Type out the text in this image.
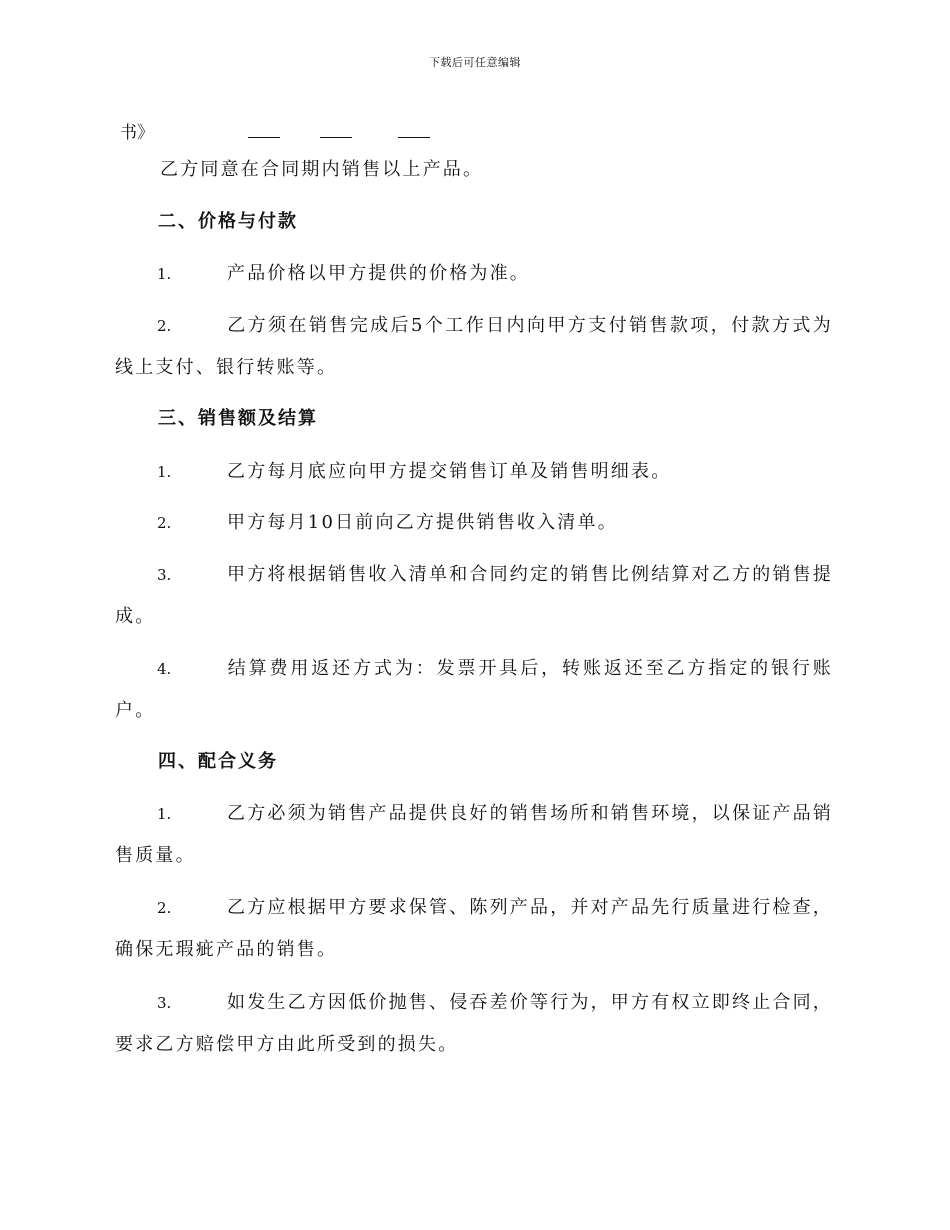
下载后可任意编辑
书》

乙方同意在合同期内销售以上产品。

二、价格与付款
1.	产品价格以甲方提供的价格为准。
2.	乙方须在销售完成后5个工作日内向甲方支付销售款项，付款方式为线上支付、银行转账等。
三、销售额及结算
1.	乙方每月底应向甲方提交销售订单及销售明细表。
2.	甲方每月10日前向乙方提供销售收入清单。
3.	甲方将根据销售收入清单和合同约定的销售比例结算对乙方的销售提成。
4.	结算费用返还方式为：发票开具后，转账返还至乙方指定的银行账户。
四、配合义务
1.	乙方必须为销售产品提供良好的销售场所和销售环境，以保证产品销售质量。
2.	乙方应根据甲方要求保管、陈列产品，并对产品先行质量进行检查，确保无瑕疵产品的销售。
3.	如发生乙方因低价抛售、侵吞差价等行为，甲方有权立即终止合同，要求乙方赔偿甲方由此所受到的损失。
